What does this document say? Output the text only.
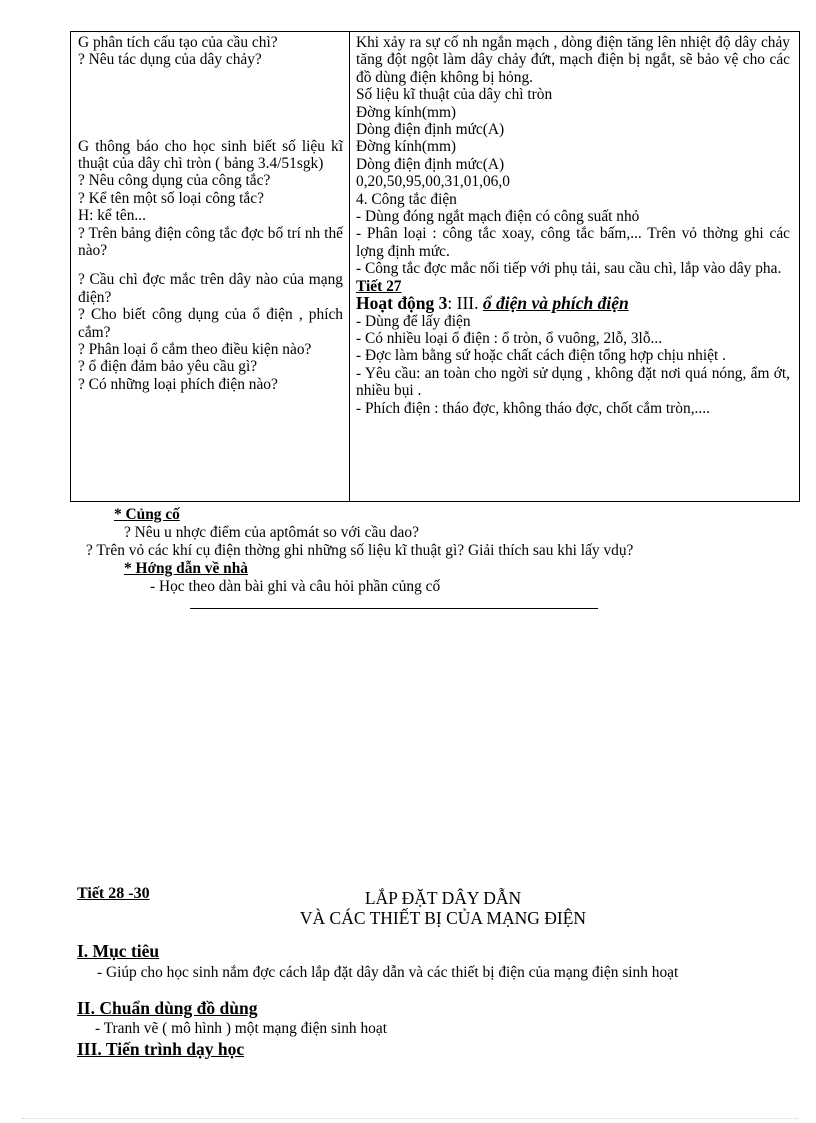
G phân tích cấu tạo của cầu chì?

? Nêu tác dụng của dây chảy?

G thông báo cho học sinh biết số liệu kĩ thuật của dây chì tròn ( bảng 3.4/51sgk)

? Nêu công dụng của công tắc?

? Kể tên một số loại công tắc?

H: kể tên...

? Trên bảng điện công tắc đợc bố trí nh thế nào?

? Cầu chì đợc mắc trên dây nào của mạng điện?

? Cho biết công dụng của ổ điện , phích cắm?

? Phân loại ổ cắm theo điều kiện nào?

? ổ điện đảm bảo yêu cầu gì?

? Có những loại phích điện nào?

Khi xảy ra sự cố nh ngắn mạch , dòng điện tăng lên nhiệt độ dây chảy tăng đột ngột làm dây chảy đứt, mạch điện bị ngắt, sẽ bảo vệ cho các đồ dùng điện không bị hỏng.

Số liệu kĩ thuật của dây chì tròn

Đờng kính(mm)

Dòng điện định mức(A)

Đờng kính(mm)

Dòng điện định mức(A)

0,20,50,95,00,31,01,06,0

4. Công tắc điện

- Dùng đóng ngắt mạch điện có công suất nhỏ

- Phân loại : công tắc xoay, công tắc bấm,... Trên vỏ thờng ghi các lợng định mức.

- Công tắc đợc mắc nối tiếp với phụ tải, sau cầu chì, lắp vào dây pha.

Tiết 27

Hoạt động 3: III. ổ điện và phích điện

- Dùng để lấy điện

- Có nhiều loại ổ điện : ổ tròn, ổ vuông, 2lỗ, 3lỗ...

- Đợc làm bằng sứ hoặc chất cách điện tổng hợp chịu nhiệt .

- Yêu cầu: an toàn cho ngời sử dụng , không đặt nơi quá nóng, ẩm ớt, nhiều bụi .

- Phích điện : tháo đợc, không tháo đợc, chốt cắm tròn,....

* Củng cố
? Nêu u nhợc điểm của aptômát so với cầu dao?
? Trên vỏ các khí cụ điện thờng ghi những số liệu kĩ thuật gì? Giải thích sau khi lấy vdụ?
* Hớng dẫn về nhà
- Học theo dàn bài ghi và câu hỏi phần củng cố
Tiết 28 -30	LẮP ĐẶT DÂY DẪN
VÀ CÁC THIẾT BỊ CỦA MẠNG ĐIỆN
I. Mục tiêu
- Giúp cho học sinh nắm đợc cách lắp đặt dây dẫn và các thiết bị điện của mạng điện sinh hoạt
II. Chuẩn dùng đồ dùng
- Tranh vẽ ( mô hình ) một mạng điện sinh hoạt
III. Tiến trình dạy học
